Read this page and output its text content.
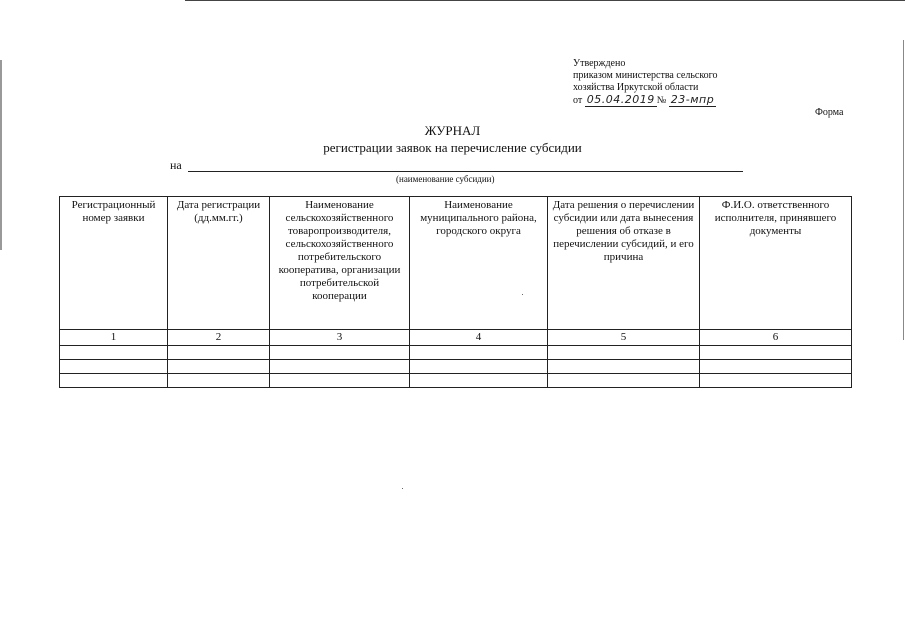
Утверждено
приказом министерства сельского
хозяйства Иркутской области
от 05.04.2019 № 23-мпр
Форма
ЖУРНАЛ
регистрации заявок на перечисление субсидии
на
(наименование субсидии)
Регистрационный номер заявки	Дата регистрации (дд.мм.гг.)	Наименование сельскохозяйственного товаропроизводителя, сельскохозяйственного потребительского кооператива, организации потребительской кооперации	Наименование муниципального района, городского округа	Дата решения о перечислении субсидии или дата вынесения решения об отказе в перечислении субсидий, и его причина	Ф.И.О. ответственного исполнителя, принявшего документы
1	2	3	4	5	6
